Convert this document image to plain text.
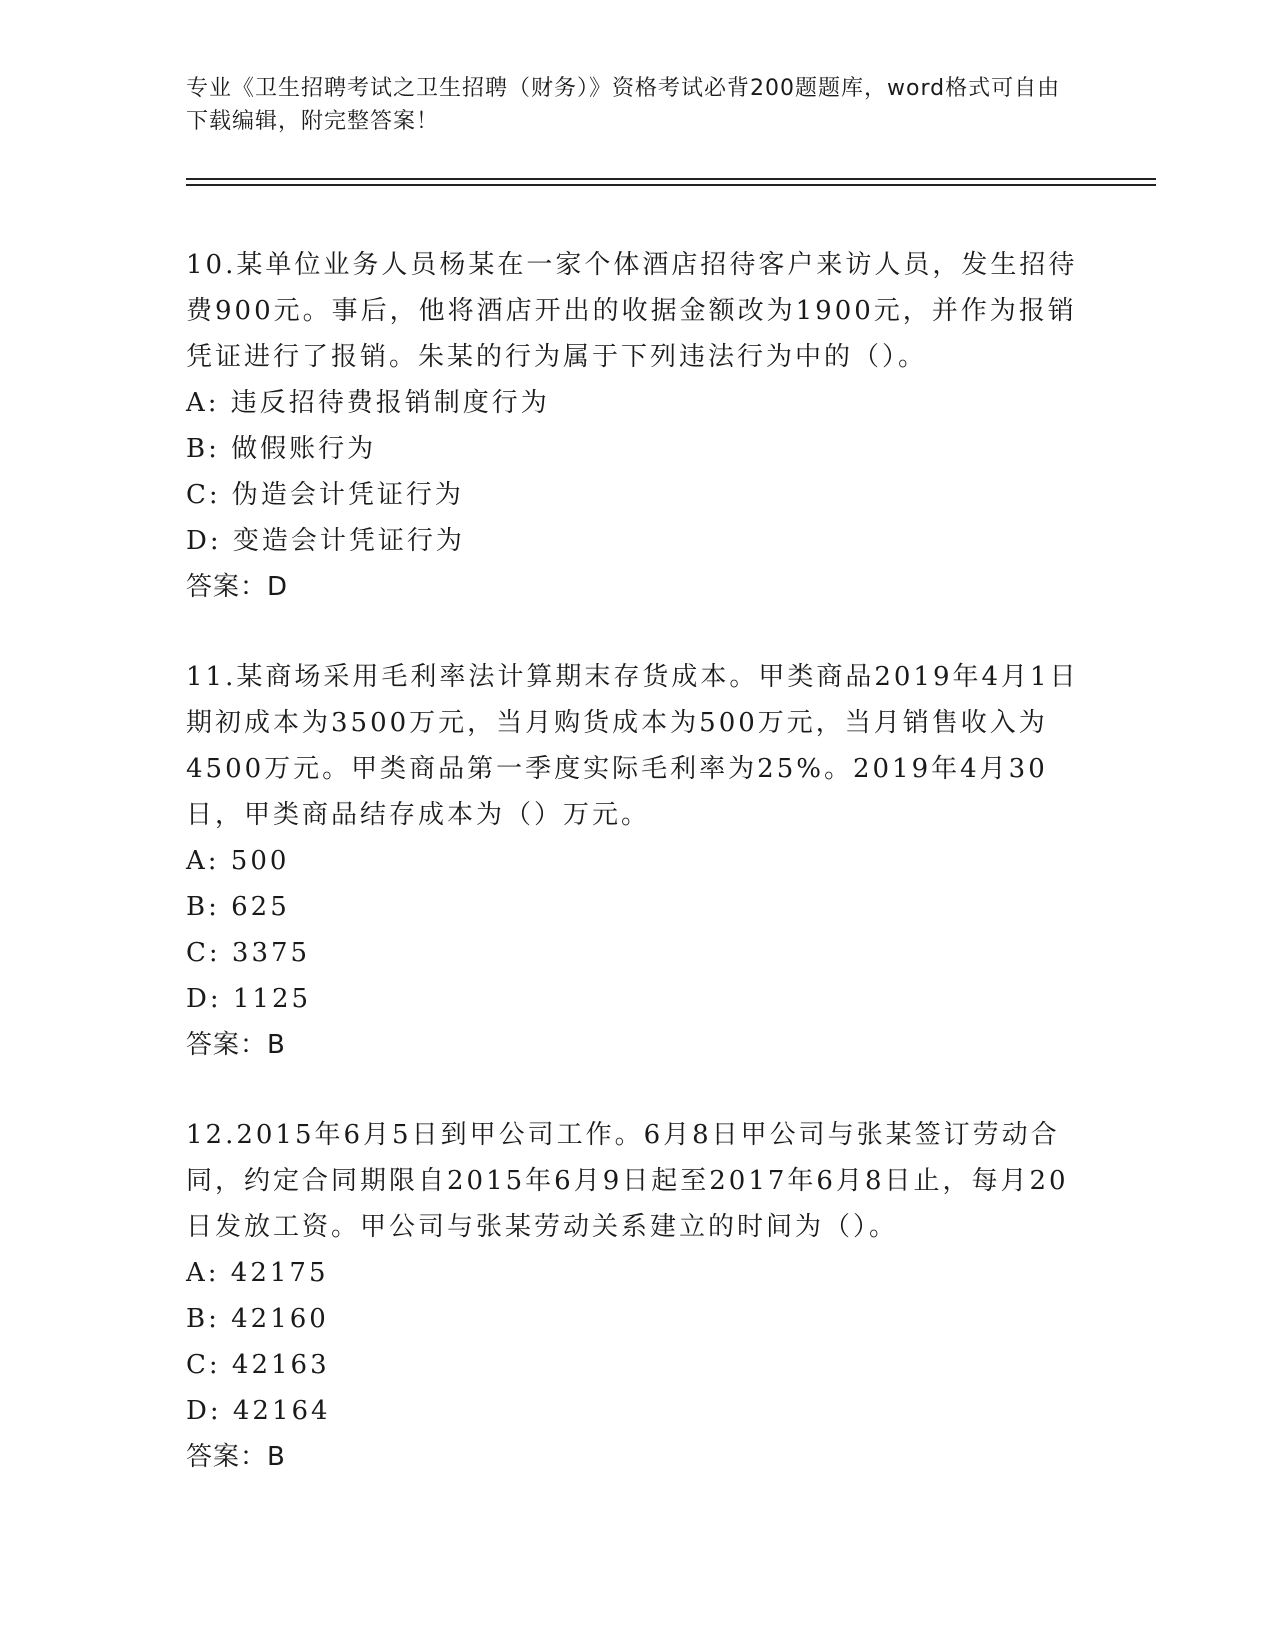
专业《卫生招聘考试之卫生招聘（财务）》资格考试必背200题题库，word格式可自由下载编辑，附完整答案！

10.某单位业务人员杨某在一家个体酒店招待客户来访人员，发生招待费900元。事后，他将酒店开出的收据金额改为1900元，并作为报销凭证进行了报销。朱某的行为属于下列违法行为中的（）。

A: 违反招待费报销制度行为
B: 做假账行为
C: 伪造会计凭证行为
D: 变造会计凭证行为

答案：D

11.某商场采用毛利率法计算期末存货成本。甲类商品2019年4月1日期初成本为3500万元，当月购货成本为500万元，当月销售收入为4500万元。甲类商品第一季度实际毛利率为25%。2019年4月30日，甲类商品结存成本为（）万元。

A: 500
B: 625
C: 3375
D: 1125

答案：B

12.2015年6月5日到甲公司工作。6月8日甲公司与张某签订劳动合同，约定合同期限自2015年6月9日起至2017年6月8日止，每月20日发放工资。甲公司与张某劳动关系建立的时间为（）。

A: 42175
B: 42160
C: 42163
D: 42164

答案：B
